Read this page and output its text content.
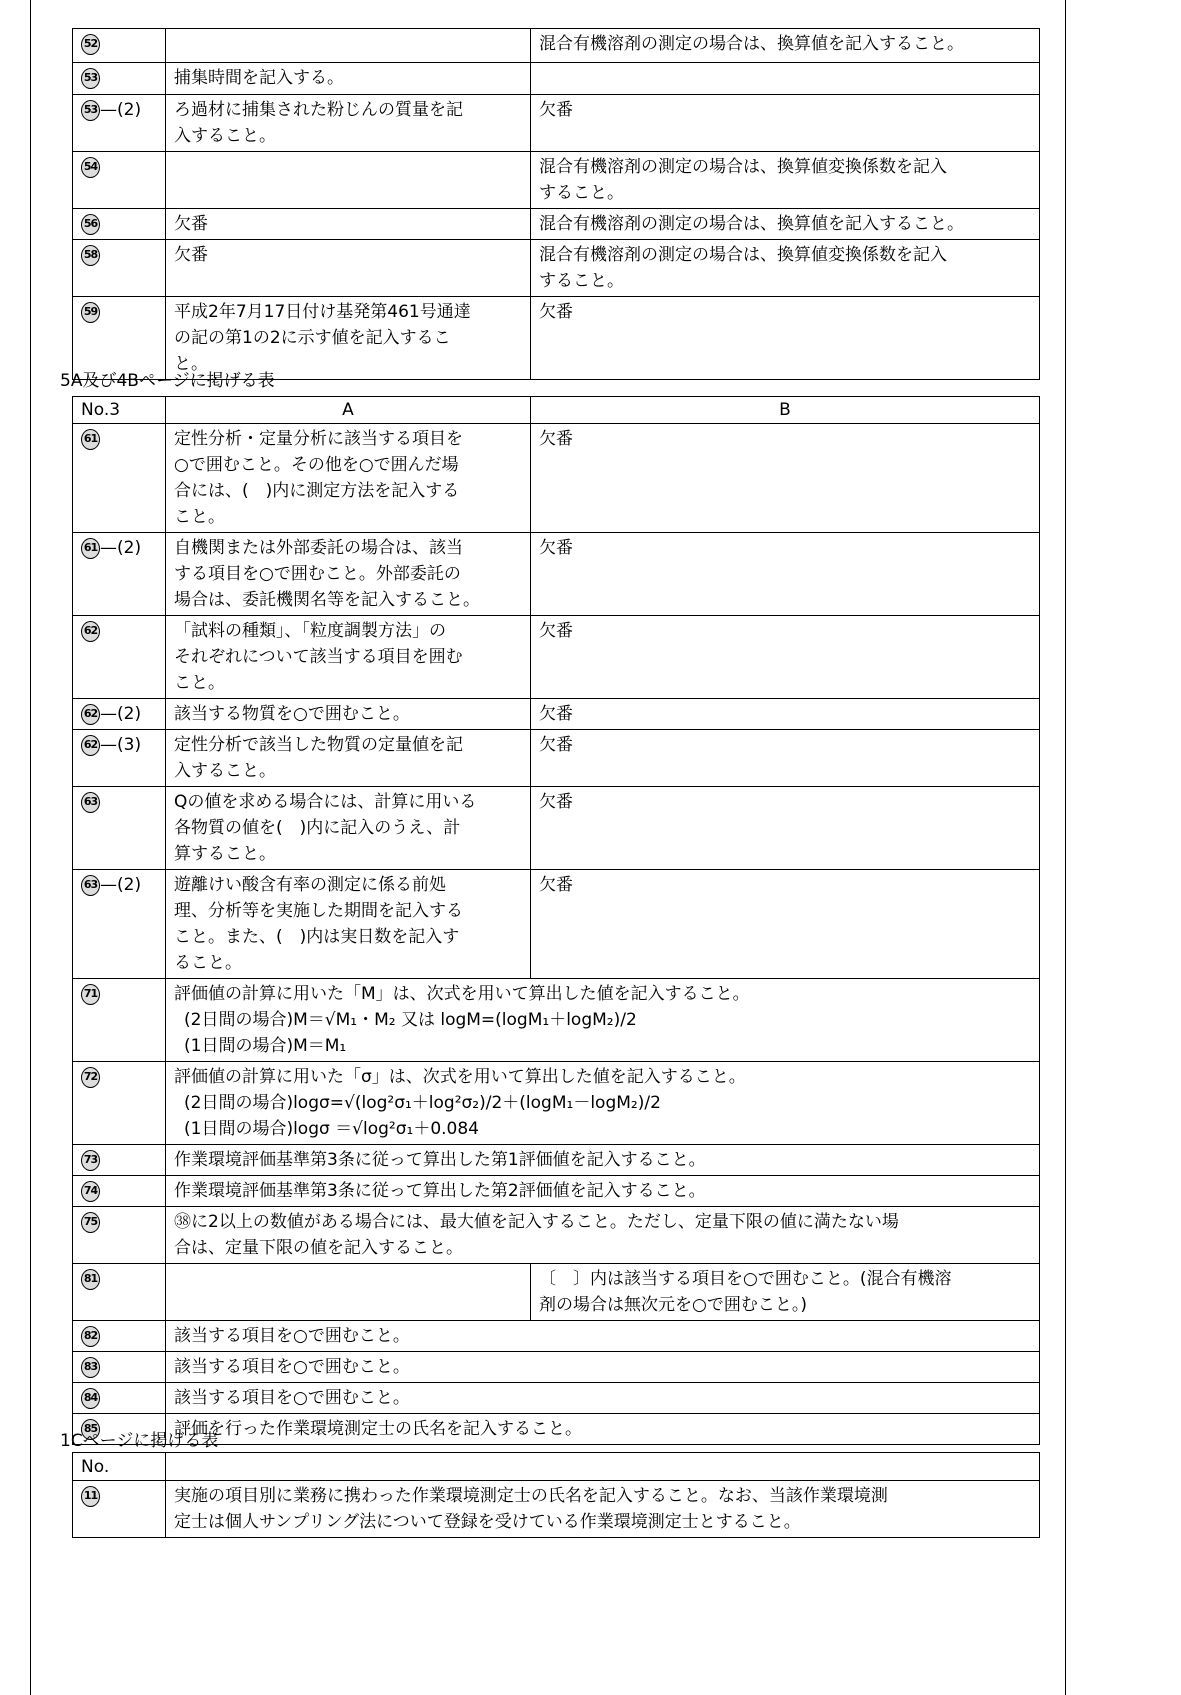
52		混合有機溶剤の測定の場合は、換算値を記入すること。

53	捕集時間を記入する。	

53 —(2)	ろ過材に捕集された粉じんの質量を記
入すること。	欠番

54		混合有機溶剤の測定の場合は、換算値変換係数を記入
すること。

56	欠番	混合有機溶剤の測定の場合は、換算値を記入すること。

58	欠番	混合有機溶剤の測定の場合は、換算値変換係数を記入
すること。

59	平成2年7月17日付け基発第461号通達
の記の第1の2に示す値を記入するこ
と。	欠番
5A及び4Bページに掲げる表
No.3	A	B
61	定性分析・定量分析に該当する項目を
○で囲むこと。その他を○で囲んだ場
合には、(　)内に測定方法を記入する
こと。	欠番

61 —(2)	自機関または外部委託の場合は、該当
する項目を○で囲むこと。外部委託の
場合は、委託機関名等を記入すること。	欠番

62	「試料の種類」、「粒度調製方法」の
それぞれについて該当する項目を囲む
こと。	欠番

62 —(2)	該当する物質を○で囲むこと。	欠番

62 —(3)	定性分析で該当した物質の定量値を記
入すること。	欠番

63	Qの値を求める場合には、計算に用いる
各物質の値を(　)内に記入のうえ、計
算すること。	欠番

63 —(2)	遊離けい酸含有率の測定に係る前処
理、分析等を実施した期間を記入する
こと。また、(　)内は実日数を記入す
ること。	欠番

71	評価値の計算に用いた「M」は、次式を用いて算出した値を記入すること。
(2日間の場合)M＝√M₁・M₂ 又は logM=(logM₁＋logM₂)/2
(1日間の場合)M＝M₁	

72	評価値の計算に用いた「σ」は、次式を用いて算出した値を記入すること。
(2日間の場合)logσ=√(log²σ₁＋log²σ₂)/2＋(logM₁－logM₂)/2
(1日間の場合)logσ ＝√log²σ₁＋0.084	

73	作業環境評価基準第3条に従って算出した第1評価値を記入すること。	

74	作業環境評価基準第3条に従って算出した第2評価値を記入すること。	

75	㊳に2以上の数値がある場合には、最大値を記入すること。ただし、定量下限の値に満たない場
合は、定量下限の値を記入すること。	

81		〔　〕内は該当する項目を○で囲むこと。(混合有機溶
剤の場合は無次元を○で囲むこと。)

82	該当する項目を○で囲むこと。	

83	該当する項目を○で囲むこと。	

84	該当する項目を○で囲むこと。	

85	評価を行った作業環境測定士の氏名を記入すること。	
1Cページに掲げる表
No.	
11	実施の項目別に業務に携わった作業環境測定士の氏名を記入すること。なお、当該作業環境測
定士は個人サンプリング法について登録を受けている作業環境測定士とすること。
